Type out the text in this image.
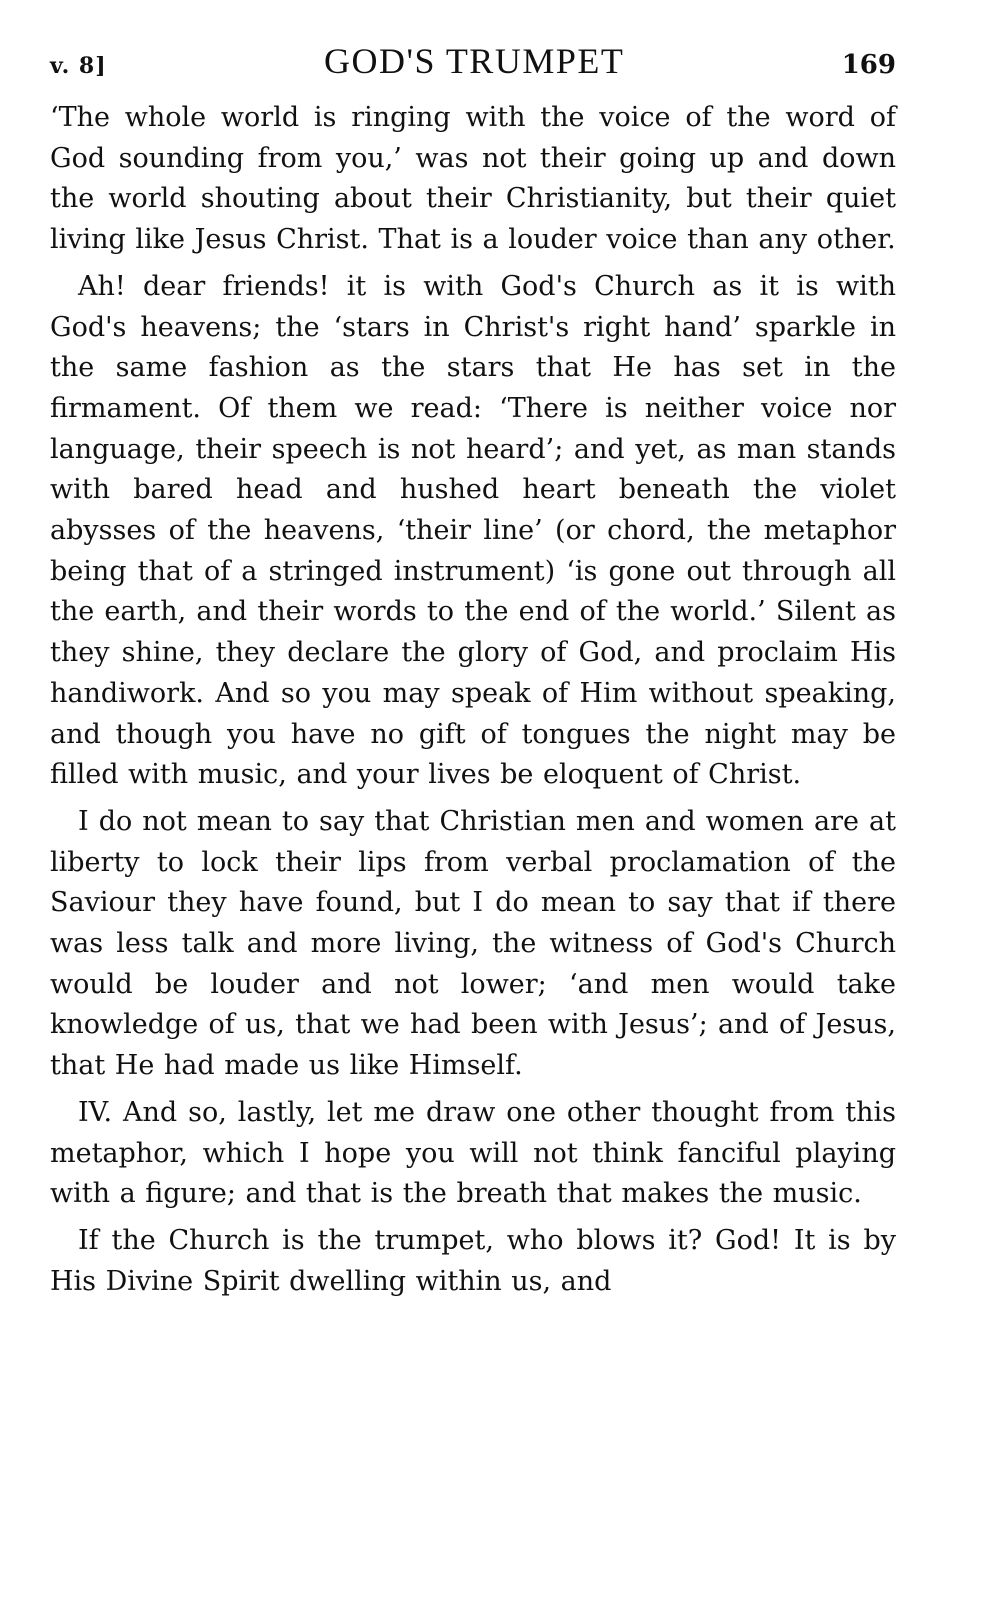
v. 8]	GOD'S TRUMPET	169

‘The whole world is ringing with the voice of the word of God sounding from you,’ was not their going up and down the world shouting about their Christianity, but their quiet living like Jesus Christ. That is a louder voice than any other.

Ah! dear friends! it is with God's Church as it is with God's heavens; the ‘stars in Christ's right hand’ sparkle in the same fashion as the stars that He has set in the firmament. Of them we read: ‘There is neither voice nor language, their speech is not heard’; and yet, as man stands with bared head and hushed heart beneath the violet abysses of the heavens, ‘their line’ (or chord, the metaphor being that of a stringed instrument) ‘is gone out through all the earth, and their words to the end of the world.’ Silent as they shine, they declare the glory of God, and proclaim His handiwork. And so you may speak of Him without speaking, and though you have no gift of tongues the night may be filled with music, and your lives be eloquent of Christ.

I do not mean to say that Christian men and women are at liberty to lock their lips from verbal proclamation of the Saviour they have found, but I do mean to say that if there was less talk and more living, the witness of God's Church would be louder and not lower; ‘and men would take knowledge of us, that we had been with Jesus’; and of Jesus, that He had made us like Himself.

IV. And so, lastly, let me draw one other thought from this metaphor, which I hope you will not think fanciful playing with a figure; and that is the breath that makes the music.

If the Church is the trumpet, who blows it? God! It is by His Divine Spirit dwelling within us, and
